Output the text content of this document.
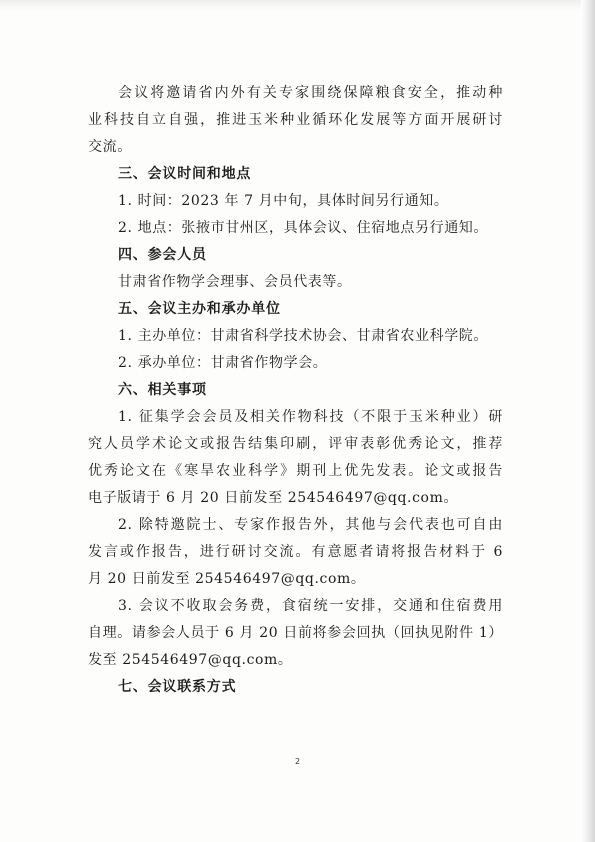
会议将邀请省内外有关专家围绕保障粮食安全，推动种
业科技自立自强，推进玉米种业循环化发展等方面开展研讨
交流。
三、会议时间和地点
1. 时间：2023 年 7 月中旬，具体时间另行通知。
2. 地点：张掖市甘州区，具体会议、住宿地点另行通知。
四、参会人员
甘肃省作物学会理事、会员代表等。
五、会议主办和承办单位
1. 主办单位：甘肃省科学技术协会、甘肃省农业科学院。
2. 承办单位：甘肃省作物学会。
六、相关事项
1. 征集学会会员及相关作物科技（不限于玉米种业）研
究人员学术论文或报告结集印刷，评审表彰优秀论文，推荐
优秀论文在《寒旱农业科学》期刊上优先发表。论文或报告
电子版请于 6 月 20 日前发至 254546497@qq.com。
2. 除特邀院士、专家作报告外，其他与会代表也可自由
发言或作报告，进行研讨交流。有意愿者请将报告材料于 6
月 20 日前发至 254546497@qq.com。
3. 会议不收取会务费，食宿统一安排，交通和住宿费用
自理。请参会人员于 6 月 20 日前将参会回执（回执见附件 1）
发至 254546497@qq.com。
七、会议联系方式
2
